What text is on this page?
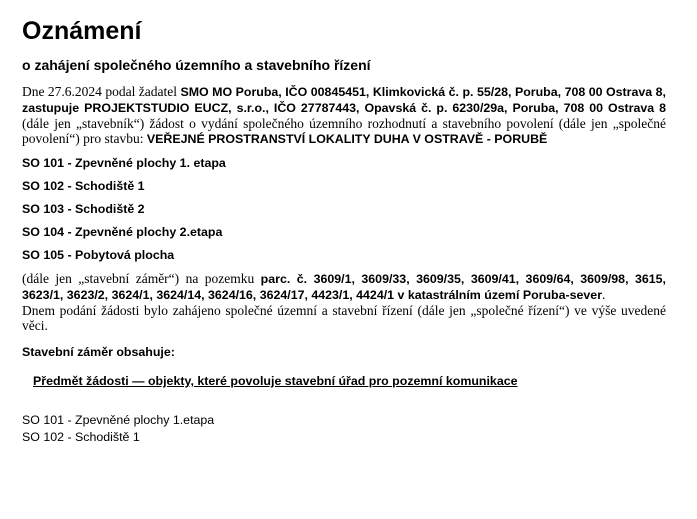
Oznámení
o zahájení společného územního a stavebního řízení

Dne 27.6.2024 podal žadatel SMO MO Poruba, IČO 00845451, Klimkovická č. p. 55/28, Poruba, 708 00 Ostrava 8, zastupuje PROJEKTSTUDIO EUCZ, s.r.o., IČO 27787443, Opavská č. p. 6230/29a, Poruba, 708 00 Ostrava 8 (dále jen „stavebník“) žádost o vydání společného územního rozhodnutí a stavebního povolení (dále jen „společné povolení“) pro stavbu: VEŘEJNÉ PROSTRANSTVÍ LOKALITY DUHA V OSTRAVĚ - PORUBĚ

SO 101 - Zpevněné plochy 1. etapa
SO 102 - Schodiště 1
SO 103 - Schodiště 2
SO 104 - Zpevněné plochy 2.etapa
SO 105 - Pobytová plocha

(dále jen „stavební záměr“) na pozemku parc. č. 3609/1, 3609/33, 3609/35, 3609/41, 3609/64, 3609/98, 3615, 3623/1, 3623/2, 3624/1, 3624/14, 3624/16, 3624/17, 4423/1, 4424/1 v katastrálním území Poruba-sever.

Dnem podání žádosti bylo zahájeno společné územní a stavební řízení (dále jen „společné řízení“) ve výše uvedené věci.

Stavební záměr obsahuje:
Předmět žádosti — objekty, které povoluje stavební úřad pro pozemní komunikace
SO 101 - Zpevněné plochy 1.etapa
SO 102 - Schodiště 1
